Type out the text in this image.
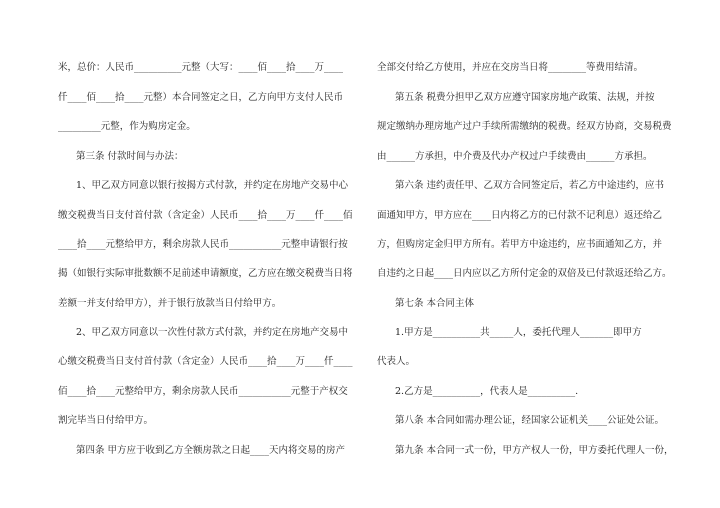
米，总价：人民币__________元整（大写：____佰____拾____万____
仟____佰____拾____元整）本合同签定之日，乙方向甲方支付人民币
_________元整，作为购房定金。
第三条 付款时间与办法：
1、甲乙双方同意以银行按揭方式付款，并约定在房地产交易中心
缴交税费当日支付首付款（含定金）人民币____拾____万____仟____佰
____拾____元整给甲方，剩余房款人民币___________元整申请银行按
揭（如银行实际审批数额不足前述申请额度，乙方应在缴交税费当日将
差额一并支付给甲方），并于银行放款当日付给甲方。
2、甲乙双方同意以一次性付款方式付款，并约定在房地产交易中
心缴交税费当日支付首付款（含定金）人民币____拾____万____仟____
佰____拾____元整给甲方，剩余房款人民币___________元整于产权交
割完毕当日付给甲方。
第四条 甲方应于收到乙方全额房款之日起____天内将交易的房产
全部交付给乙方使用，并应在交房当日将________等费用结清。
第五条 税费分担甲乙双方应遵守国家房地产政策、法规，并按
规定缴纳办理房地产过户手续所需缴纳的税费。经双方协商，交易税费
由______方承担，中介费及代办产权过户手续费由______方承担。
第六条 违约责任甲、乙双方合同签定后，若乙方中途违约，应书
面通知甲方，甲方应在____日内将乙方的已付款不记利息）返还给乙
方，但购房定金归甲方所有。若甲方中途违约，应书面通知乙方，并
自违约之日起____日内应以乙方所付定金的双倍及已付款返还给乙方。
第七条 本合同主体
1.甲方是__________共_____人，委托代理人_______即甲方
代表人。
2.乙方是__________，代表人是__________.
第八条 本合同如需办理公证，经国家公证机关____公证处公证。
第九条 本合同一式一份，甲方产权人一份，甲方委托代理人一份，
